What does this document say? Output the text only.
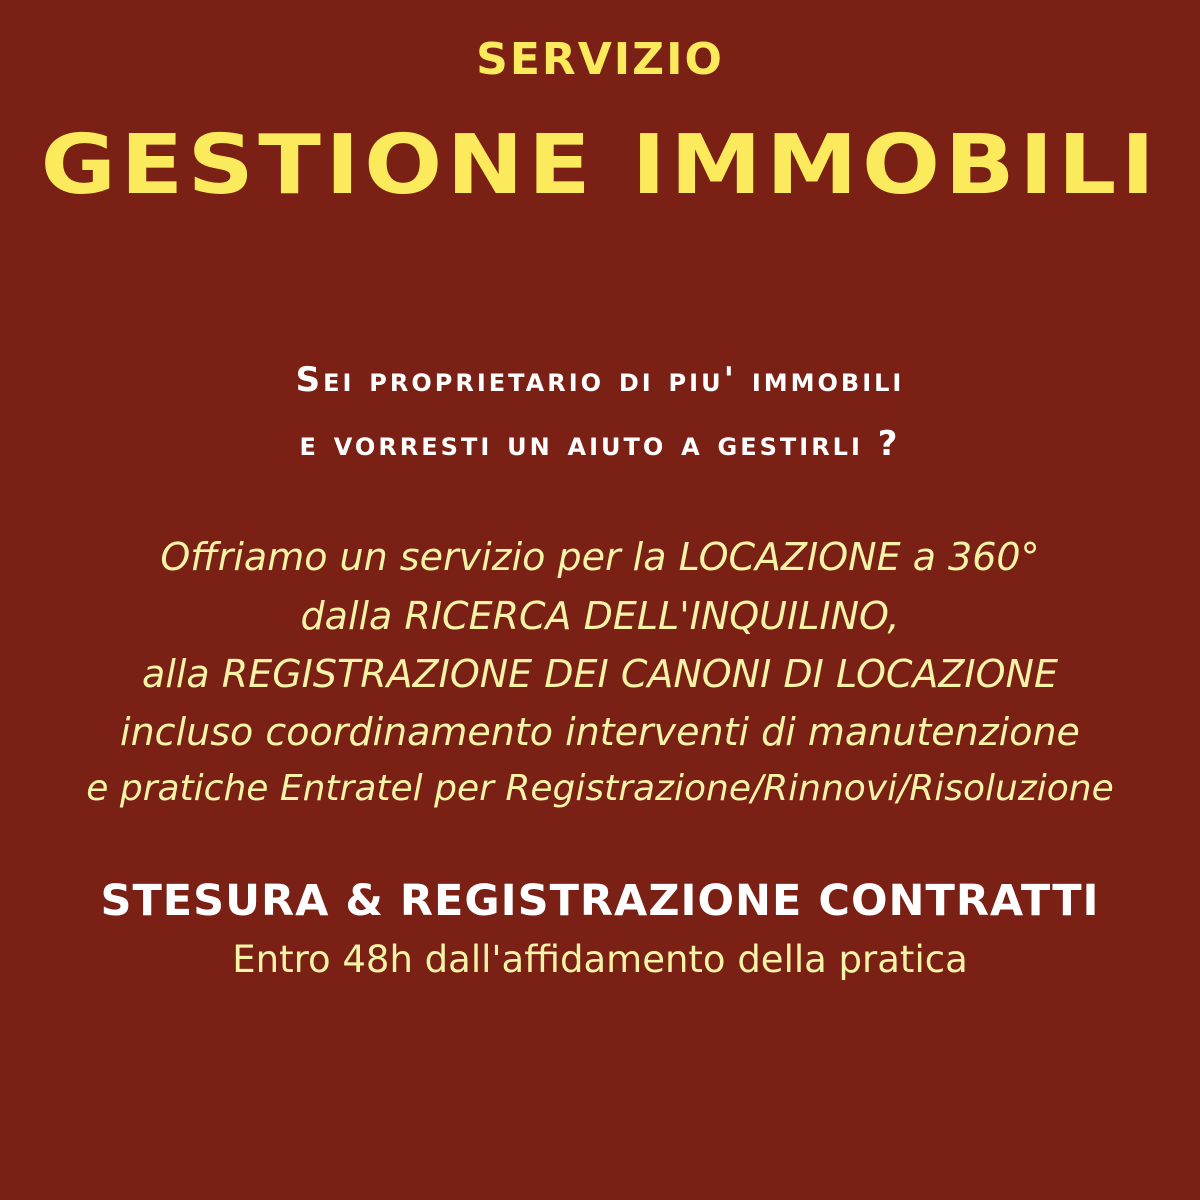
SERVIZIO
GESTIONE IMMOBILI
Sei proprietario di piu' immobili
e vorresti un aiuto a gestirli ?
Offriamo un servizio per la LOCAZIONE a 360°
dalla RICERCA DELL'INQUILINO,
alla REGISTRAZIONE DEI CANONI DI LOCAZIONE
incluso coordinamento interventi di manutenzione
e pratiche Entratel per Registrazione/Rinnovi/Risoluzione
STESURA & REGISTRAZIONE CONTRATTI
Entro 48h dall'affidamento della pratica
